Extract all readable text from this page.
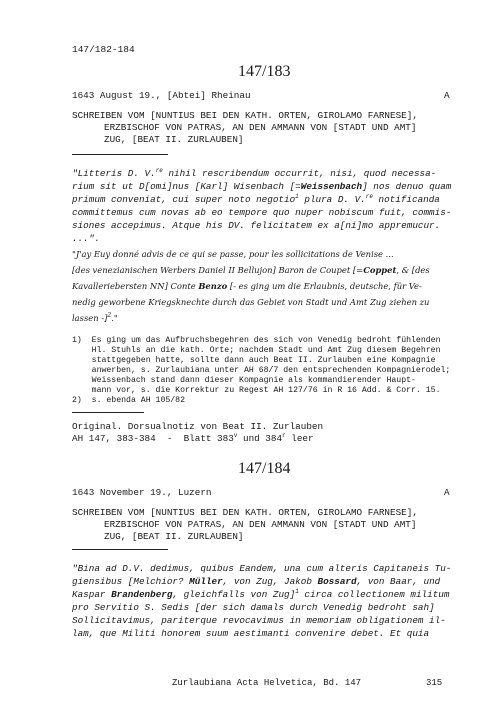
147/182-184
147/183
1643 August 19., [Abtei] Rheinau	A
SCHREIBEN VOM [NUNTIUS BEI DEN KATH. ORTEN, GIROLAMO FARNESE],
ERZBISCHOF VON PATRAS, AN DEN AMMANN VON [STADT UND AMT]
ZUG, [BEAT II. ZURLAUBEN]
"Litteris D. V.$^{re}$ nihil rescribendum occurrit, nisi, quod necessa-
rium sit ut D[omi]nus [Karl] Wisenbach [=Weissenbach] nos denuo quam
primum conveniat, cui super noto negotio$^1$ plura D. V.$^{re}$ notificanda
committemus cum novas ab eo tempore quo nuper nobiscum fuit, commis-
siones accepimus. Atque his DV. felicitatem ex a[ni]mo appremucur.
...".
"J'ay Euy donné advis de ce qui se passe, pour les sollicitations de Venise ...
[des venezianischen Werbers Daniel II Bellujon] Baron de Coupet [=Coppet, & [des
Kavalleriebersten NN] Conte Benzo [- es ging um die Erlaubnis, deutsche, für Ve-
nedig geworbene Kriegsknechte durch das Gebiet von Stadt und Amt Zug ziehen zu
lassen -]$^2$."
1)  Es ging um das Aufbruchsbegehren des sich von Venedig bedroht fühlenden
Hl. Stuhls an die kath. Orte; nachdem Stadt und Amt Zug diesem Begehren
stattgegeben hatte, sollte dann auch Beat II. Zurlauben eine Kompagnie
anwerben, s. Zurlaubiana unter AH 68/7 den entsprechenden Kompagnierodel;
Weissenbach stand dann dieser Kompagnie als kommandierender Haupt-
mann vor, s. die Korrektur zu Regest AH 127/76 in R 16 Add. & Corr. 15.
2)  s. ebenda AH 105/82
Original. Dorsualnotiz von Beat II. Zurlauben
AH 147, 383-384  -  Blatt 383$^v$ und 384$^r$ leer
147/184
1643 November 19., Luzern	A
SCHREIBEN VOM [NUNTIUS BEI DEN KATH. ORTEN, GIROLAMO FARNESE],
ERZBISCHOF VON PATRAS, AN DEN AMMANN VON [STADT UND AMT]
ZUG, [BEAT II. ZURLAUBEN]
"Bina ad D.V. dedimus, quibus Eandem, una cum alteris Capitaneis Tu-
giensibus [Melchior? Müller, von Zug, Jakob Bossard, von Baar, und
Kaspar Brandenberg, gleichfalls von Zug]$^1$ circa collectionem militum
pro Servitio S. Sedis [der sich damals durch Venedig bedroht sah]
Sollicitavimus, pariterque revocavimus in memoriam obligationem il-
lam, que Militi honorem suum aestimanti convenire debet. Et quia
Zurlaubiana Acta Helvetica, Bd. 147	315
